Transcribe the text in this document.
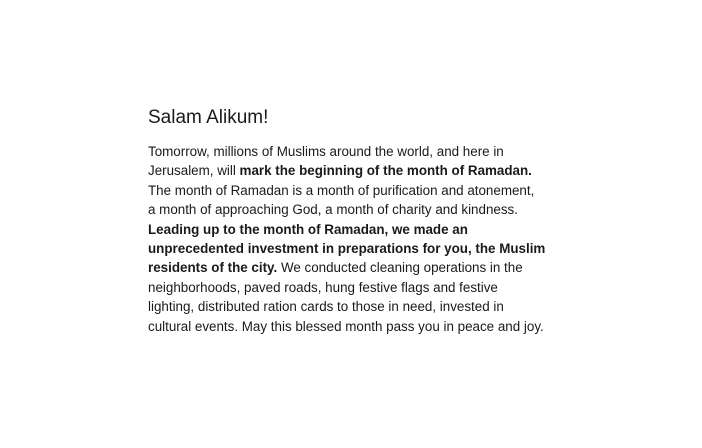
Salam Alikum!

Tomorrow, millions of Muslims around the world, and here in
Jerusalem, will mark the beginning of the month of Ramadan.
The month of Ramadan is a month of purification and atonement,
a month of approaching God, a month of charity and kindness.
Leading up to the month of Ramadan, we made an
unprecedented investment in preparations for you, the Muslim
residents of the city. We conducted cleaning operations in the
neighborhoods, paved roads, hung festive flags and festive
lighting, distributed ration cards to those in need, invested in
cultural events. May this blessed month pass you in peace and joy.
